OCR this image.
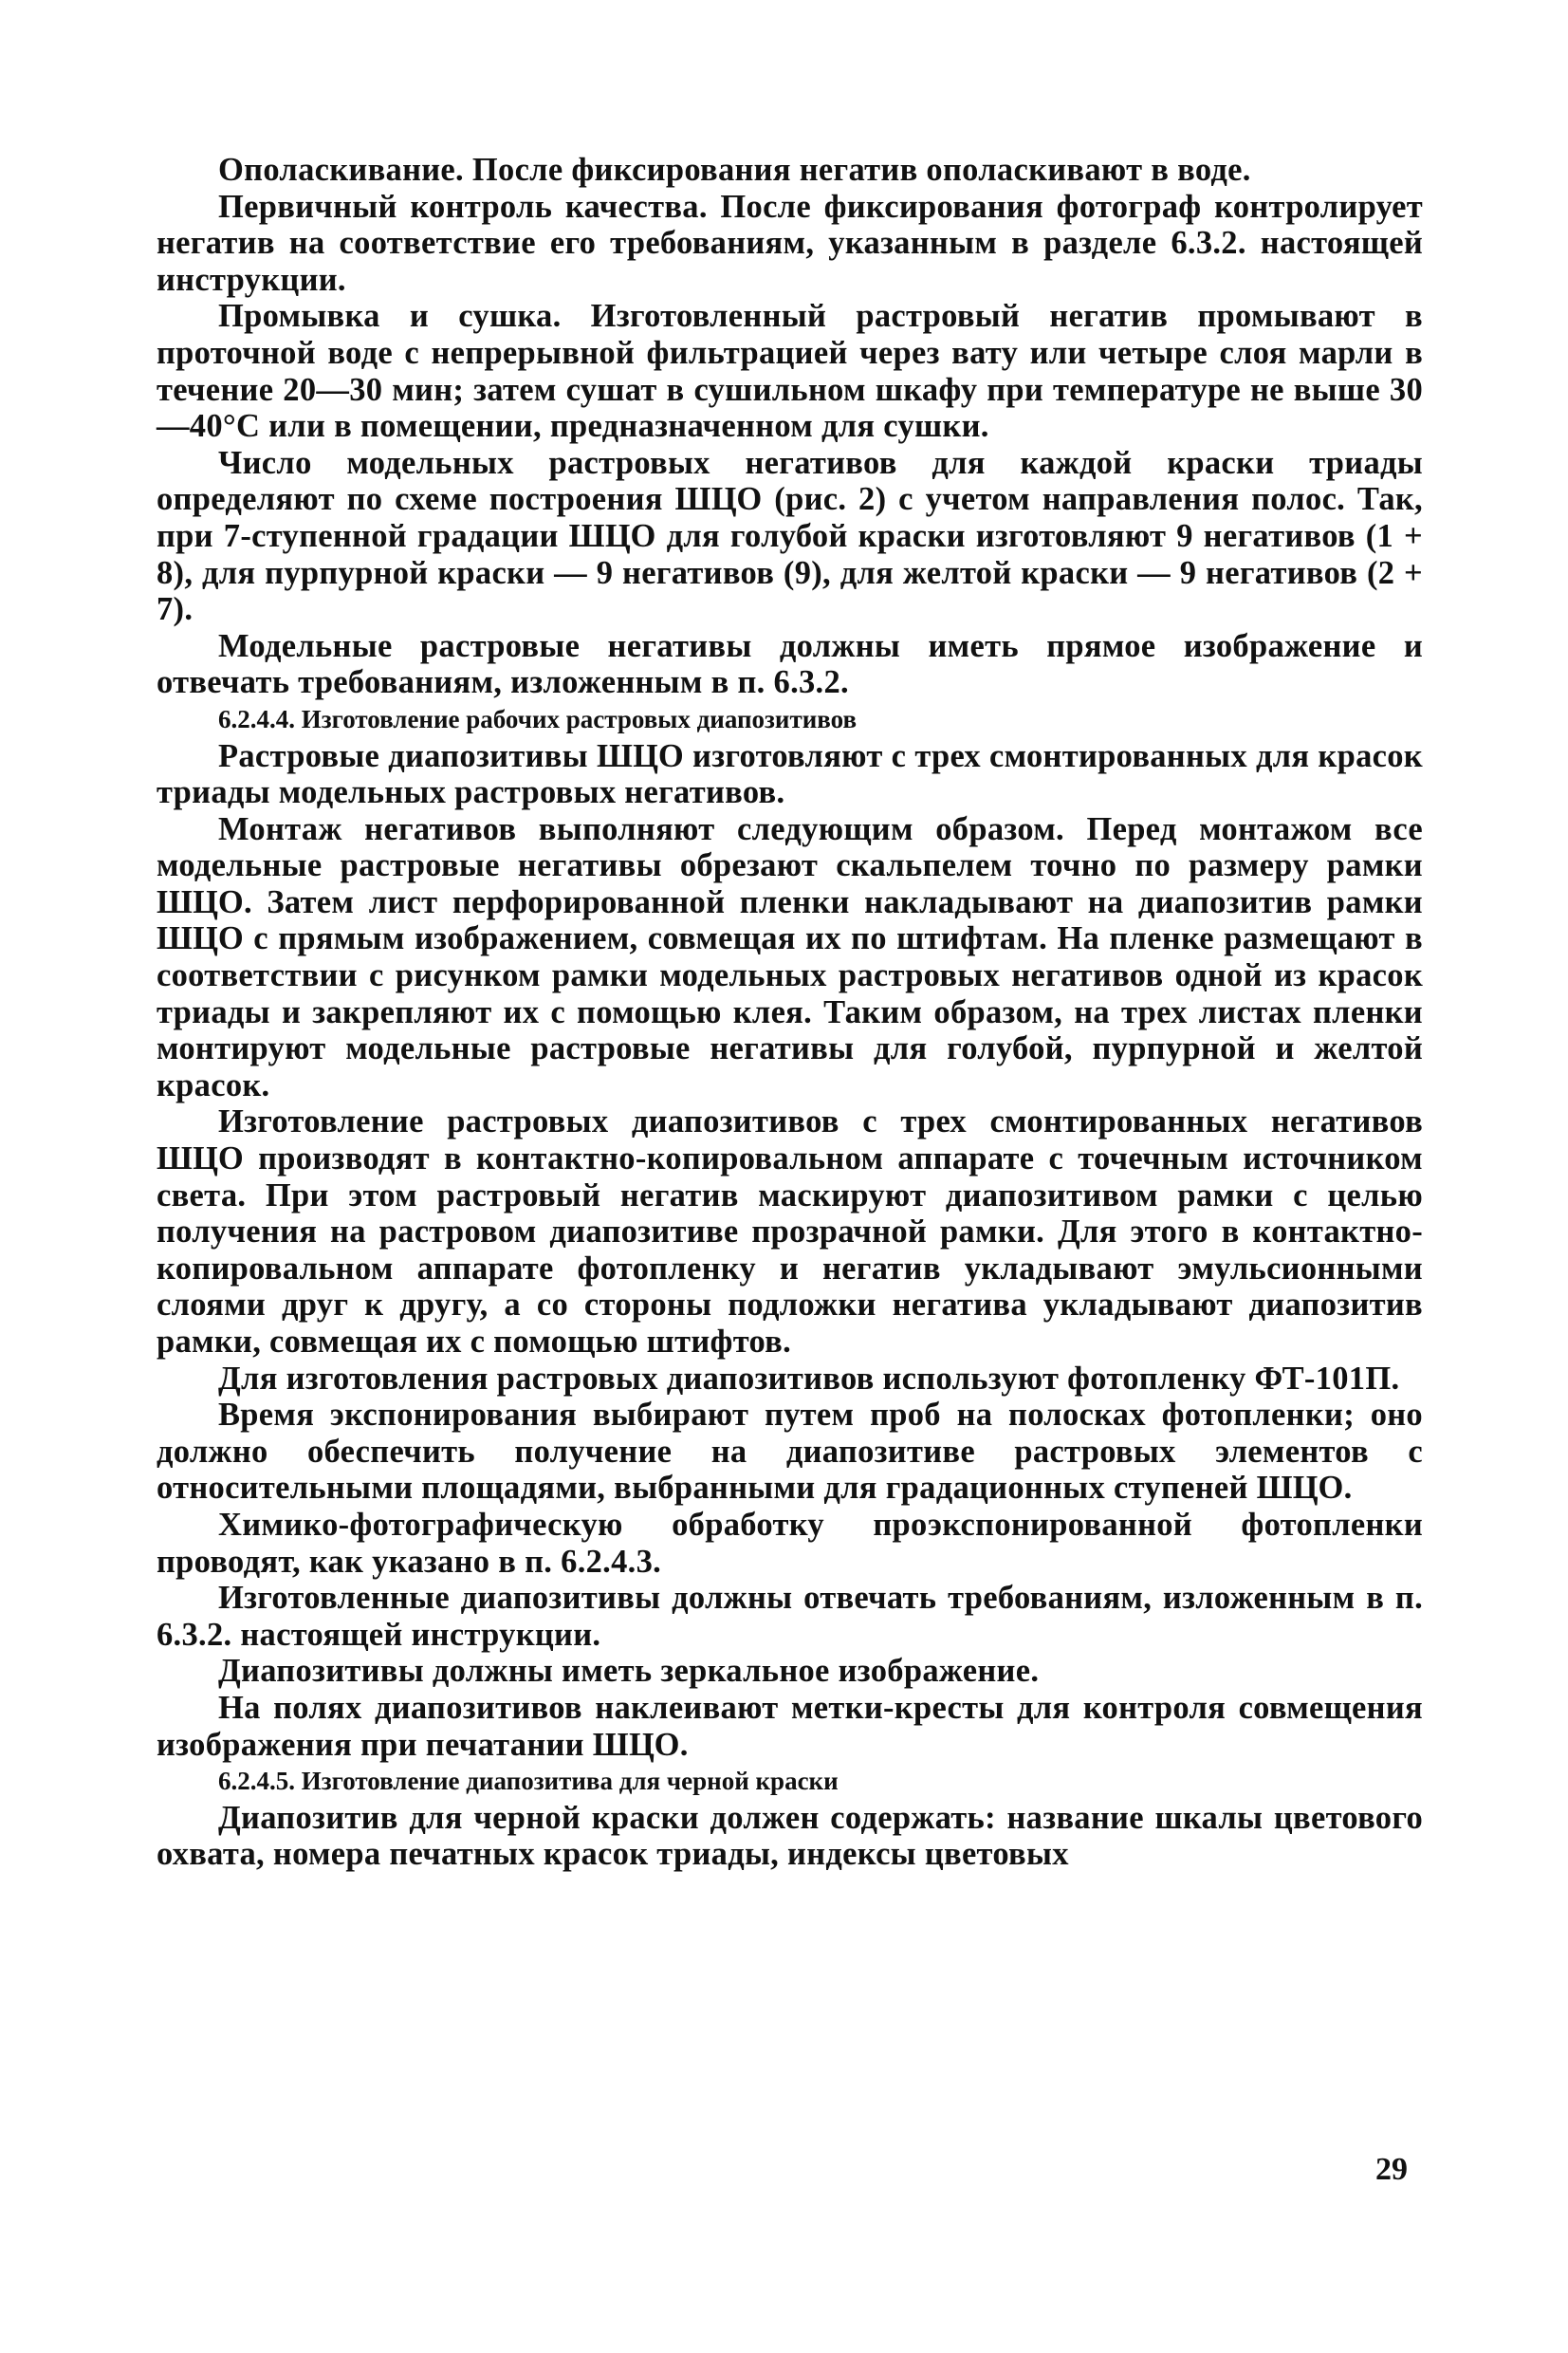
Ополаскивание. После фиксирования негатив ополаскивают в воде.

Первичный контроль качества. После фиксирования фотограф контролирует негатив на соответствие его требованиям, указанным в разделе 6.3.2. настоящей инструкции.

Промывка и сушка. Изготовленный растровый негатив промывают в проточной воде с непрерывной фильтрацией через вату или четыре слоя марли в течение 20—30 мин; затем сушат в сушильном шкафу при температуре не выше 30—40°С или в помещении, предназначенном для сушки.

Число модельных растровых негативов для каждой краски триады определяют по схеме построения ШЦО (рис. 2) с учетом направления полос. Так, при 7-ступенной градации ШЦО для голубой краски изготовляют 9 негативов (1 + 8), для пурпурной краски — 9 негативов (9), для желтой краски — 9 негативов (2 + 7).

Модельные растровые негативы должны иметь прямое изображение и отвечать требованиям, изложенным в п. 6.3.2.

6.2.4.4. Изготовление рабочих растровых диапозитивов

Растровые диапозитивы ШЦО изготовляют с трех смонтированных для красок триады модельных растровых негативов.

Монтаж негативов выполняют следующим образом. Перед монтажом все модельные растровые негативы обрезают скальпелем точно по размеру рамки ШЦО. Затем лист перфорированной пленки накладывают на диапозитив рамки ШЦО с прямым изображением, совмещая их по штифтам. На пленке размещают в соответствии с рисунком рамки модельных растровых негативов одной из красок триады и закрепляют их с помощью клея. Таким образом, на трех листах пленки монтируют модельные растровые негативы для голубой, пурпурной и желтой красок.

Изготовление растровых диапозитивов с трех смонтированных негативов ШЦО производят в контактно-копировальном аппарате с точечным источником света. При этом растровый негатив маскируют диапозитивом рамки с целью получения на растровом диапозитиве прозрачной рамки. Для этого в контактно-копировальном аппарате фотопленку и негатив укладывают эмульсионными слоями друг к другу, а со стороны подложки негатива укладывают диапозитив рамки, совмещая их с помощью штифтов.

Для изготовления растровых диапозитивов используют фотопленку ФТ-101П.

Время экспонирования выбирают путем проб на полосках фотопленки; оно должно обеспечить получение на диапозитиве растровых элементов с относительными площадями, выбранными для градационных ступеней ШЦО.

Химико-фотографическую обработку проэкспонированной фотопленки проводят, как указано в п. 6.2.4.3.

Изготовленные диапозитивы должны отвечать требованиям, изложенным в п. 6.3.2. настоящей инструкции.

Диапозитивы должны иметь зеркальное изображение.

На полях диапозитивов наклеивают метки-кресты для контроля совмещения изображения при печатании ШЦО.

6.2.4.5. Изготовление диапозитива для черной краски

Диапозитив для черной краски должен содержать: название шкалы цветового охвата, номера печатных красок триады, индексы цветовых

29
